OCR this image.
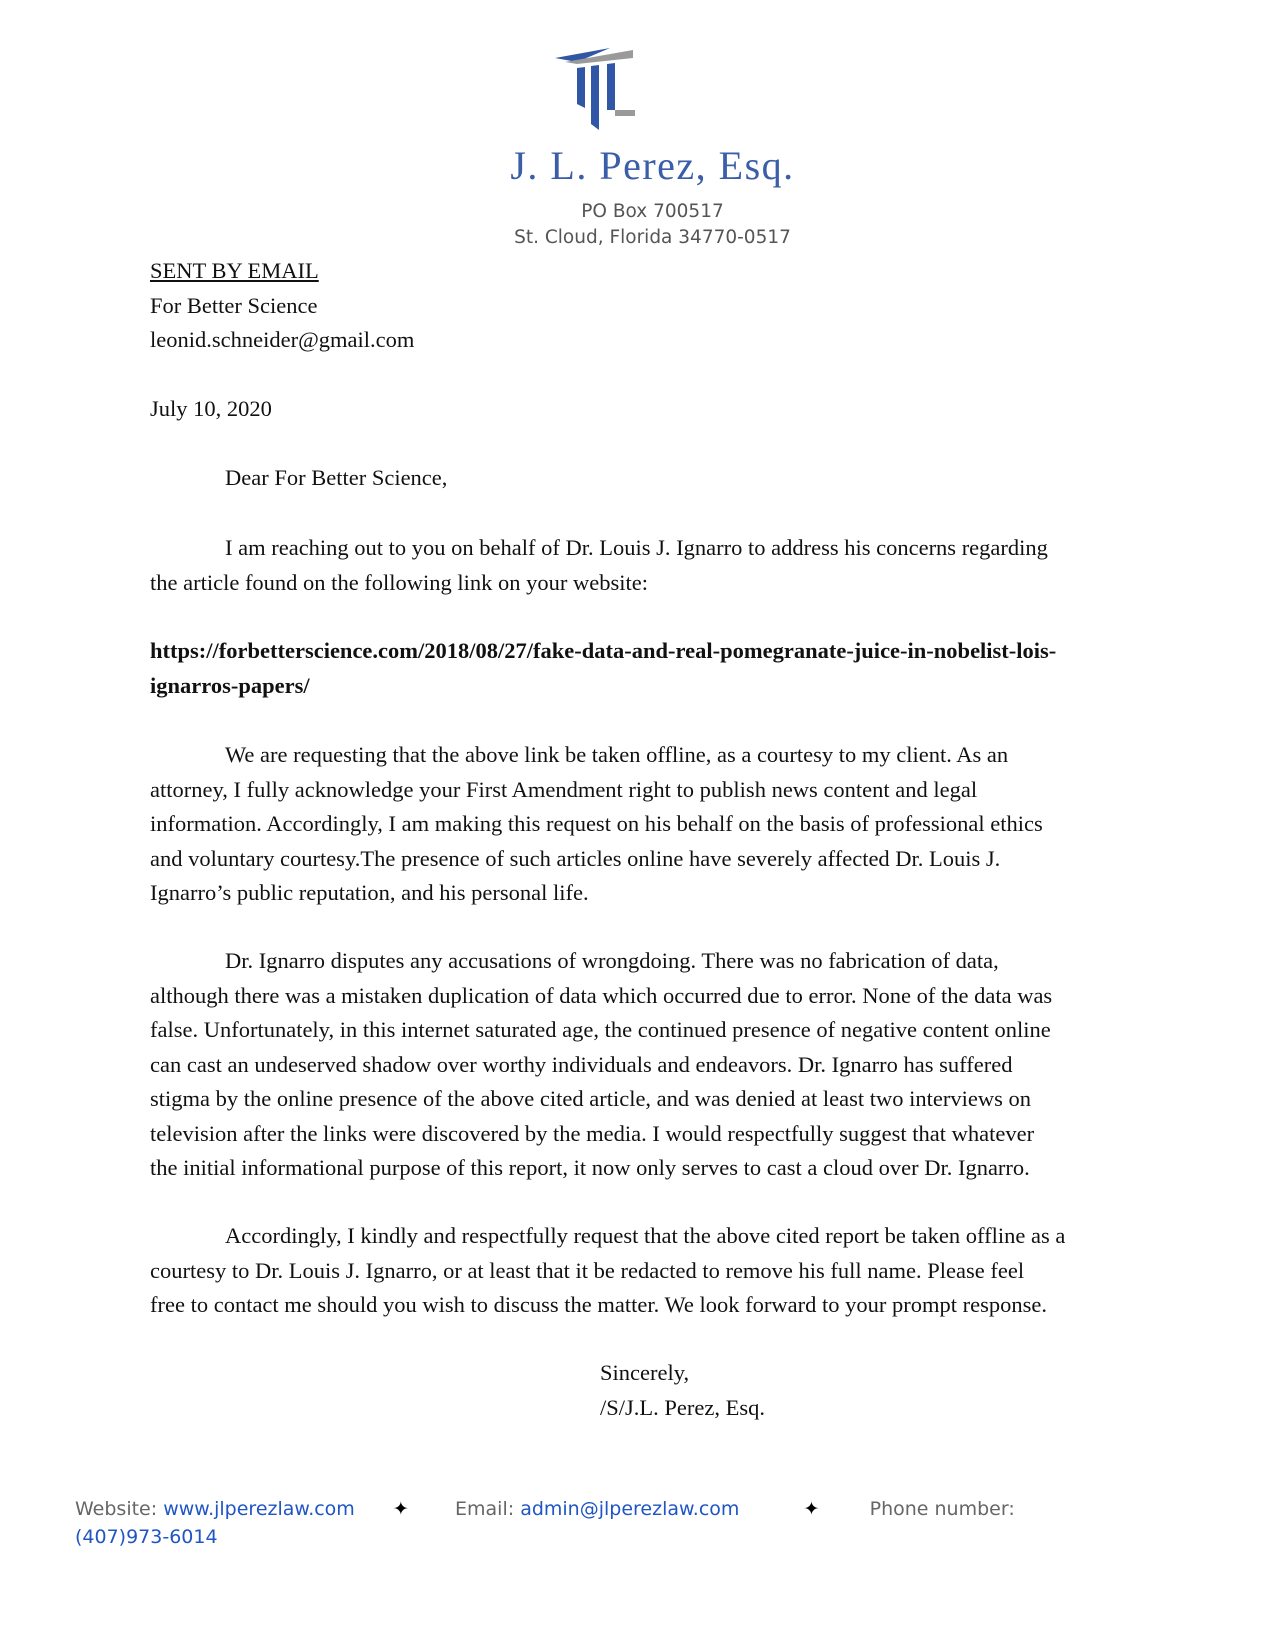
J. L. Perez, Esq.
PO Box 700517
St. Cloud, Florida 34770-0517
SENT BY EMAIL
For Better Science
leonid.schneider@gmail.com
July 10, 2020
Dear For Better Science,
I am reaching out to you on behalf of Dr. Louis J. Ignarro to address his concerns regarding
the article found on the following link on your website:
https://forbetterscience.com/2018/08/27/fake-data-and-real-pomegranate-juice-in-nobelist-lois-
ignarros-papers/
We are requesting that the above link be taken offline, as a courtesy to my client. As an
attorney, I fully acknowledge your First Amendment right to publish news content and legal
information. Accordingly, I am making this request on his behalf on the basis of professional ethics
and voluntary courtesy.The presence of such articles online have severely affected Dr. Louis J.
Ignarro’s public reputation, and his personal life.
Dr. Ignarro disputes any accusations of wrongdoing. There was no fabrication of data,
although there was a mistaken duplication of data which occurred due to error. None of the data was
false. Unfortunately, in this internet saturated age, the continued presence of negative content online
can cast an undeserved shadow over worthy individuals and endeavors. Dr. Ignarro has suffered
stigma by the online presence of the above cited article, and was denied at least two interviews on
television after the links were discovered by the media. I would respectfully suggest that whatever
the initial informational purpose of this report, it now only serves to cast a cloud over Dr. Ignarro.
Accordingly, I kindly and respectfully request that the above cited report be taken offline as a
courtesy to Dr. Louis J. Ignarro, or at least that it be redacted to remove his full name. Please feel
free to contact me should you wish to discuss the matter. We look forward to your prompt response.
Sincerely,
/S/J.L. Perez, Esq.
Website: www.jlperezlaw.com ✦ Email: admin@jlperezlaw.com	✦	Phone number:
(407)973-6014
